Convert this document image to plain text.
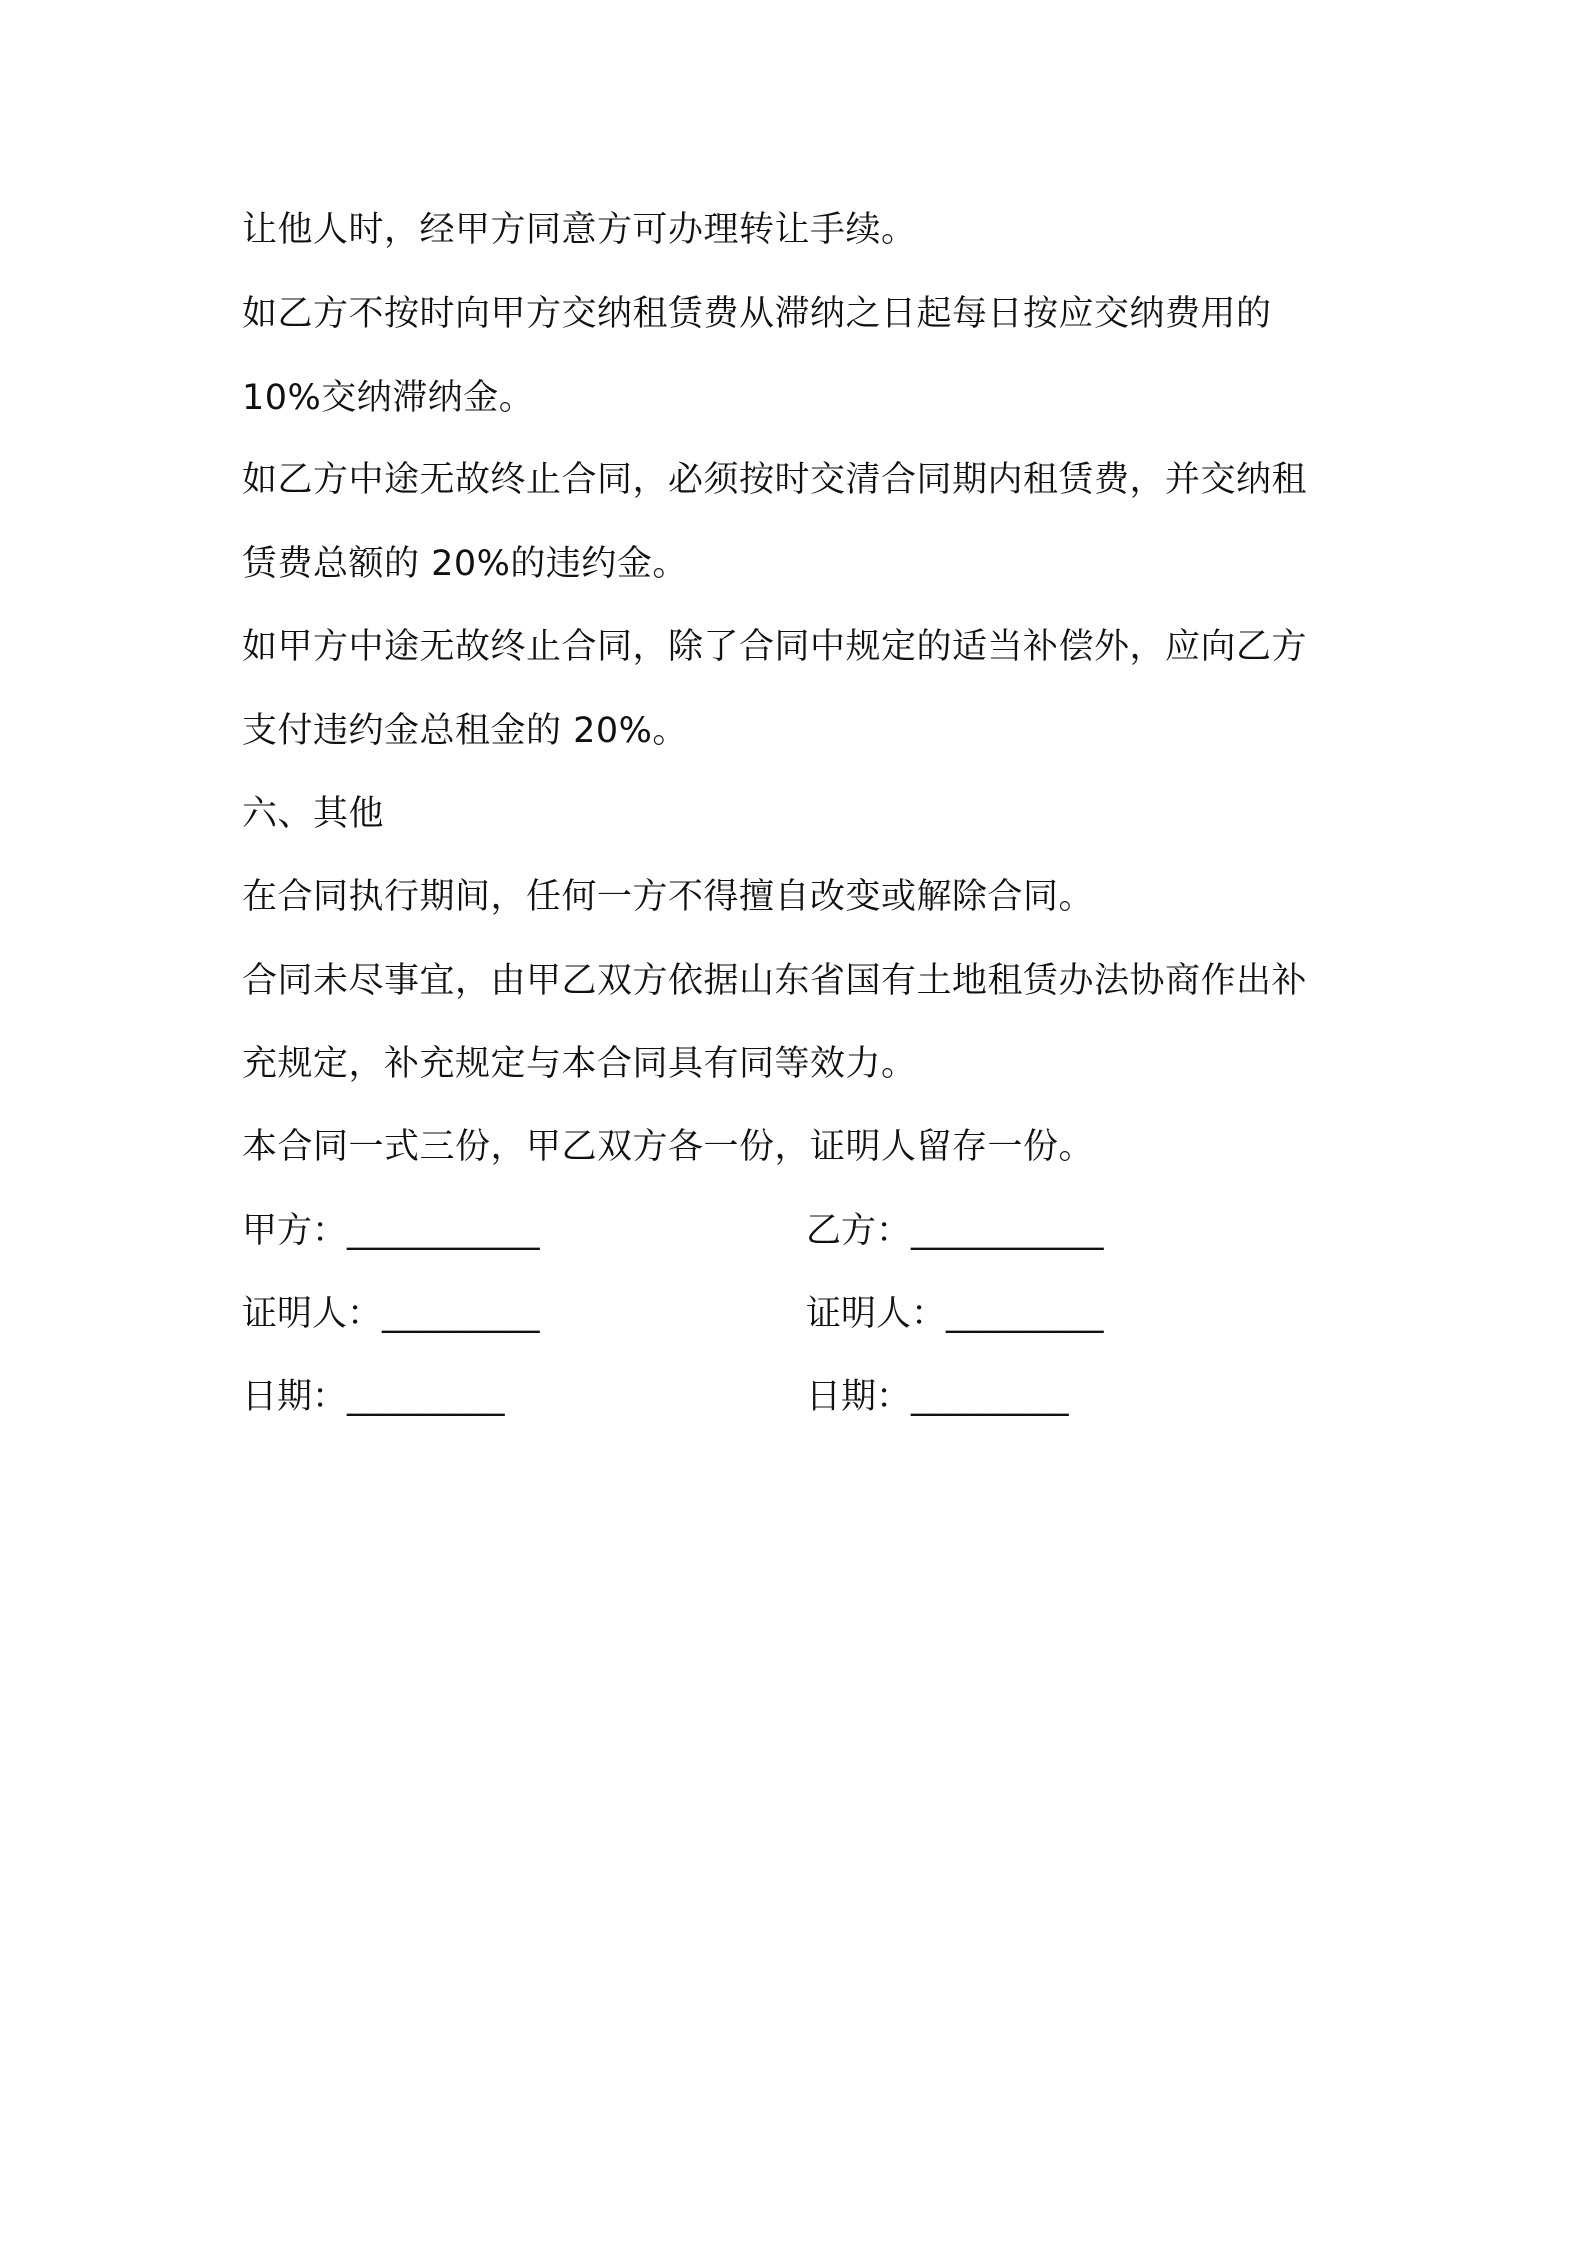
让他人时，经甲方同意方可办理转让手续。
如乙方不按时向甲方交纳租赁费从滞纳之日起每日按应交纳费用的
10%交纳滞纳金。
如乙方中途无故终止合同，必须按时交清合同期内租赁费，并交纳租
赁费总额的 20%的违约金。
如甲方中途无故终止合同，除了合同中规定的适当补偿外，应向乙方
支付违约金总租金的 20%。
六、其他
在合同执行期间，任何一方不得擅自改变或解除合同。
合同未尽事宜，由甲乙双方依据山东省国有土地租赁办法协商作出补
充规定，补充规定与本合同具有同等效力。
本合同一式三份，甲乙双方各一份，证明人留存一份。
甲方：___________	乙方：___________
证明人：_________	证明人：_________
日期：_________	日期：_________
